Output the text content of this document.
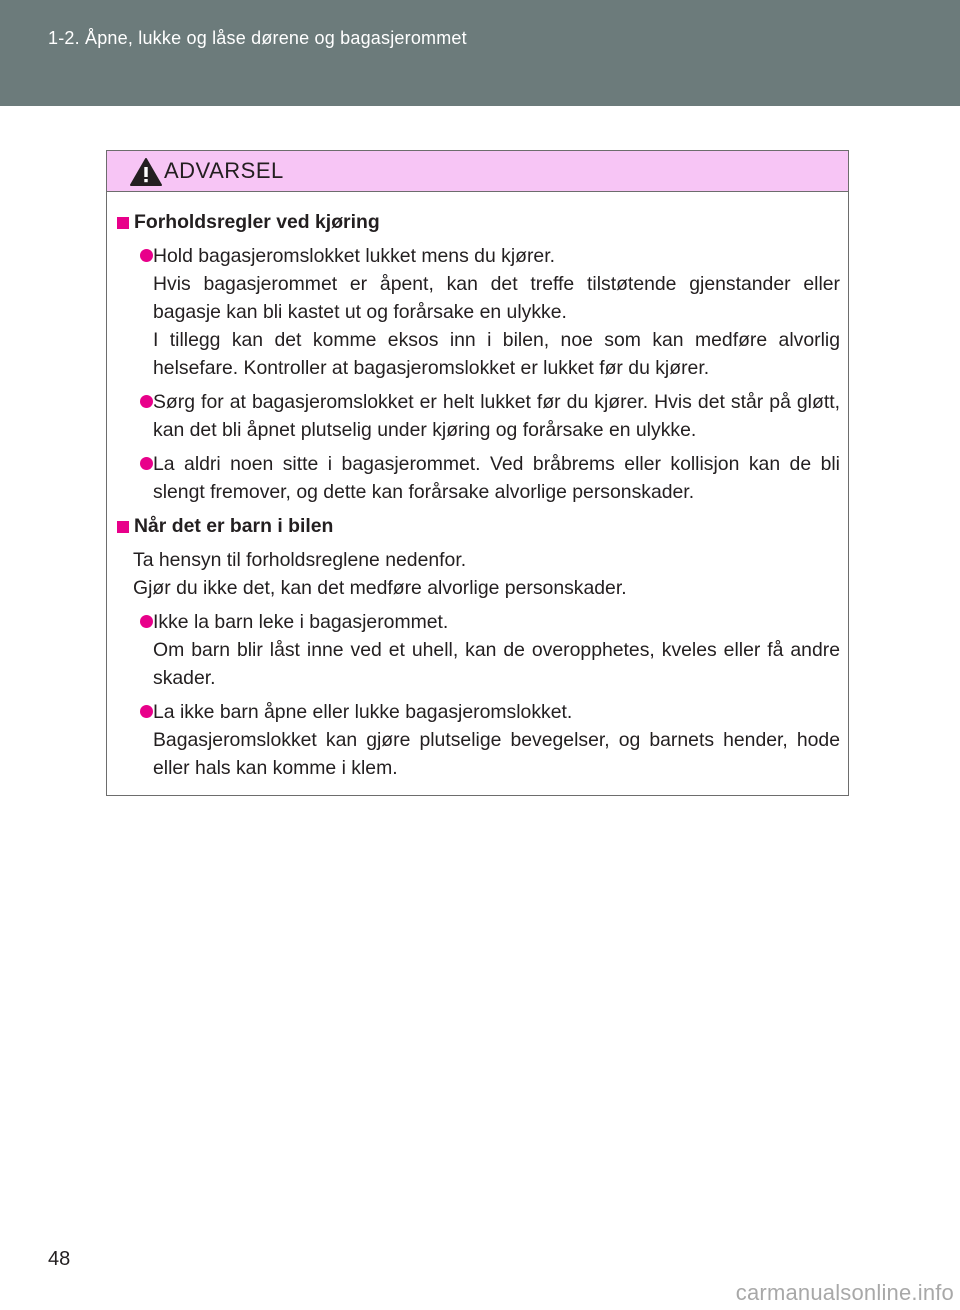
1-2. Åpne, lukke og låse dørene og bagasjerommet
ADVARSEL
Forholdsregler ved kjøring
Hold bagasjeromslokket lukket mens du kjører.
Hvis bagasjerommet er åpent, kan det treffe tilstøtende gjenstander eller bagasje kan bli kastet ut og forårsake en ulykke.
I tillegg kan det komme eksos inn i bilen, noe som kan medføre alvorlig helsefare. Kontroller at bagasjeromslokket er lukket før du kjører.
Sørg for at bagasjeromslokket er helt lukket før du kjører. Hvis det står på gløtt, kan det bli åpnet plutselig under kjøring og forårsake en ulykke.
La aldri noen sitte i bagasjerommet. Ved bråbrems eller kollisjon kan de bli slengt fremover, og dette kan forårsake alvorlige personskader.
Når det er barn i bilen
Ta hensyn til forholdsreglene nedenfor.
Gjør du ikke det, kan det medføre alvorlige personskader.
Ikke la barn leke i bagasjerommet.
Om barn blir låst inne ved et uhell, kan de overopphetes, kveles eller få andre skader.
La ikke barn åpne eller lukke bagasjeromslokket.
Bagasjeromslokket kan gjøre plutselige bevegelser, og barnets hender, hode eller hals kan komme i klem.
48
carmanualsonline.info
